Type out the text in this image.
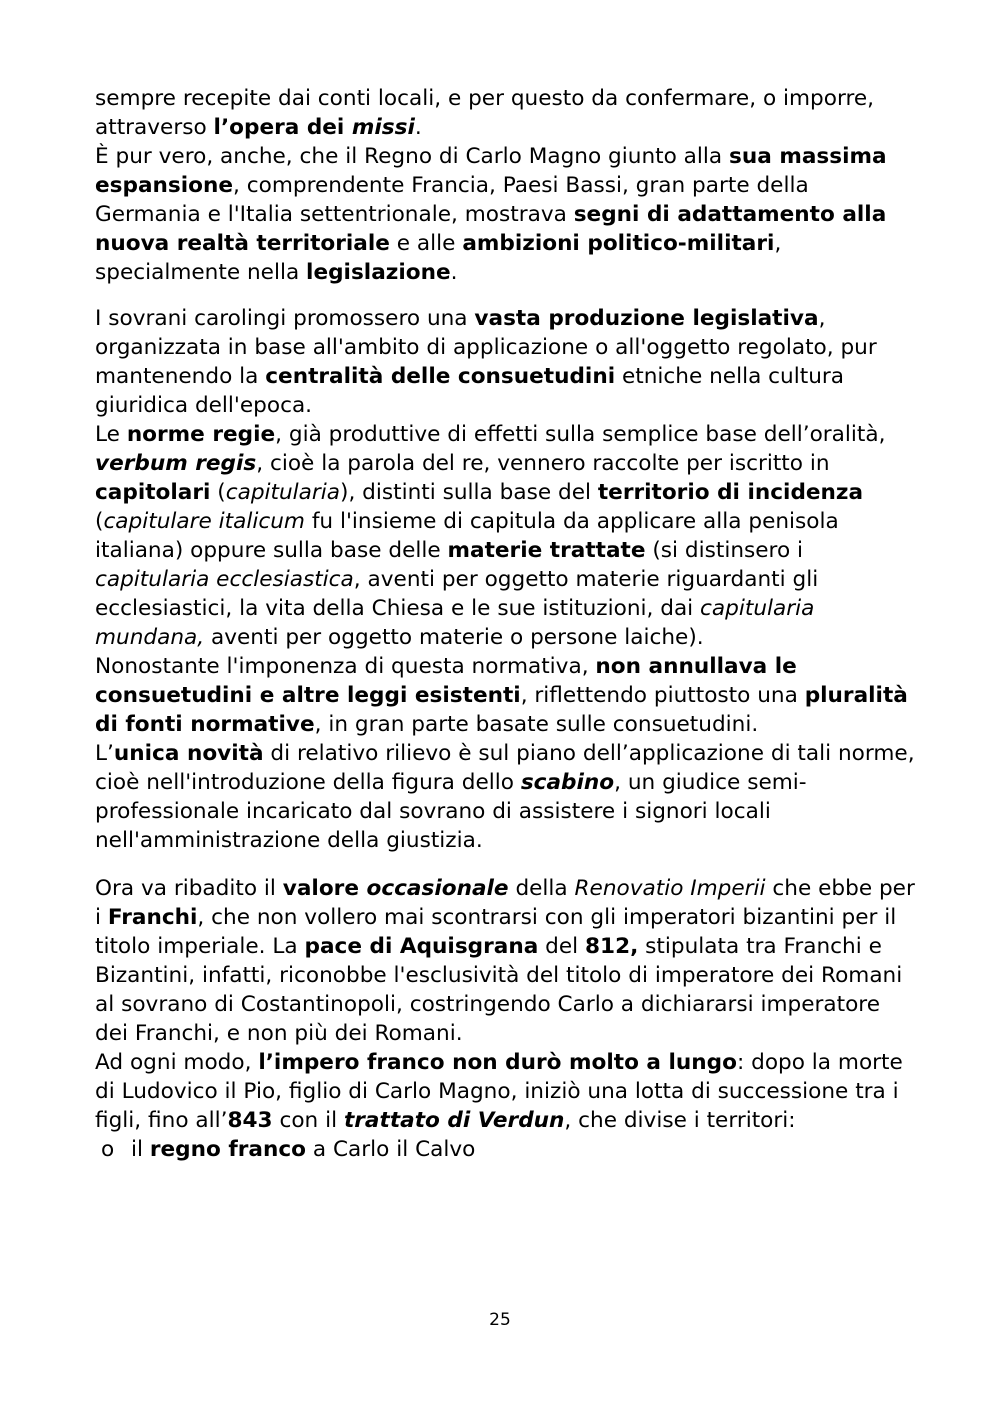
sempre recepite dai conti locali, e per questo da confermare, o imporre, attraverso l’opera dei missi.
È pur vero, anche, che il Regno di Carlo Magno giunto alla sua massima espansione, comprendente Francia, Paesi Bassi, gran parte della Germania e l'Italia settentrionale, mostrava segni di adattamento alla nuova realtà territoriale e alle ambizioni politico-militari, specialmente nella legislazione.
I sovrani carolingi promossero una vasta produzione legislativa, organizzata in base all'ambito di applicazione o all'oggetto regolato, pur mantenendo la centralità delle consuetudini etniche nella cultura giuridica dell'epoca.
Le norme regie, già produttive di effetti sulla semplice base dell’oralità, verbum regis, cioè la parola del re, vennero raccolte per iscritto in capitolari (capitularia), distinti sulla base del territorio di incidenza (capitulare italicum fu l'insieme di capitula da applicare alla penisola italiana) oppure sulla base delle materie trattate (si distinsero i capitularia ecclesiastica, aventi per oggetto materie riguardanti gli ecclesiastici, la vita della Chiesa e le sue istituzioni, dai capitularia mundana, aventi per oggetto materie o persone laiche).
Nonostante l'imponenza di questa normativa, non annullava le consuetudini e altre leggi esistenti, riflettendo piuttosto una pluralità di fonti normative, in gran parte basate sulle consuetudini.
L’unica novità di relativo rilievo è sul piano dell’applicazione di tali norme, cioè nell'introduzione della figura dello scabino, un giudice semi-professionale incaricato dal sovrano di assistere i signori locali nell'amministrazione della giustizia.
Ora va ribadito il valore occasionale della Renovatio Imperii che ebbe per i Franchi, che non vollero mai scontrarsi con gli imperatori bizantini per il titolo imperiale. La pace di Aquisgrana del 812, stipulata tra Franchi e Bizantini, infatti, riconobbe l'esclusività del titolo di imperatore dei Romani al sovrano di Costantinopoli, costringendo Carlo a dichiararsi imperatore dei Franchi, e non più dei Romani.
Ad ogni modo, l’impero franco non durò molto a lungo: dopo la morte di Ludovico il Pio, figlio di Carlo Magno, iniziò una lotta di successione tra i figli, fino all’843 con il trattato di Verdun, che divise i territori:
o il regno franco a Carlo il Calvo
25
